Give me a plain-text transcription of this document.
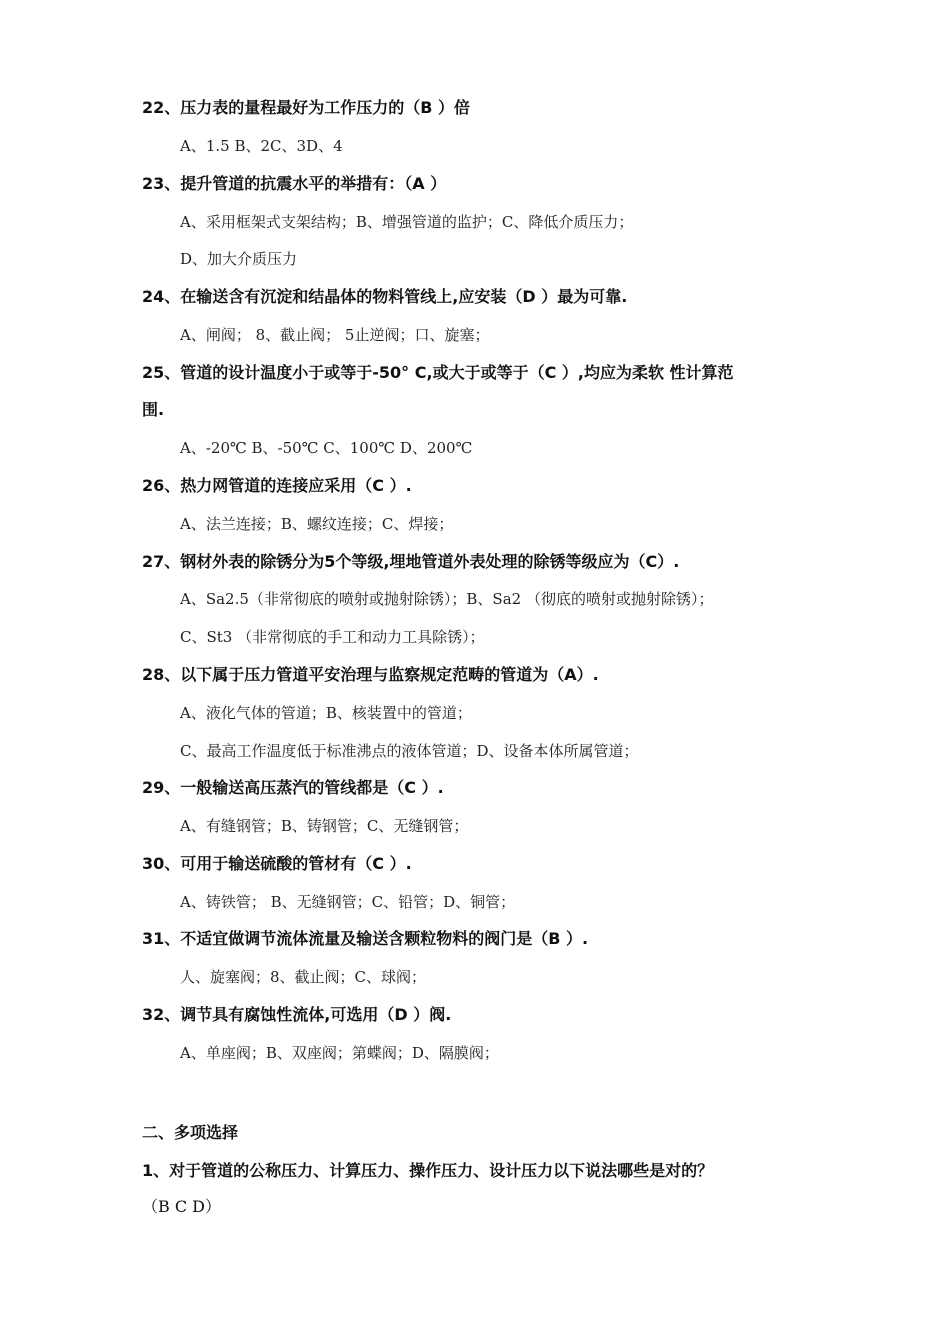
22、压力表的量程最好为工作压力的（B ）倍
A、1.5 B、2C、3D、4
23、提升管道的抗震水平的举措有：（A ）
A、采用框架式支架结构；B、增强管道的监护；C、降低介质压力；
D、加大介质压力
24、在输送含有沉淀和结晶体的物料管线上,应安装（D ）最为可靠.
A、闸阀； 8、截止阀； 5止逆阀；口、旋塞；
25、管道的设计温度小于或等于-50° C,或大于或等于（C ）,均应为柔软 性计算范
围.
A、-20℃ B、-50℃ C、100℃ D、200℃
26、热力网管道的连接应采用（C ）.
A、法兰连接；B、螺纹连接；C、焊接；
27、钢材外表的除锈分为5个等级,埋地管道外表处理的除锈等级应为（C）.
A、Sa2.5（非常彻底的喷射或抛射除锈）；B、Sa2 （彻底的喷射或抛射除锈）；
C、St3 （非常彻底的手工和动力工具除锈）；
28、以下属于压力管道平安治理与监察规定范畴的管道为（A）.
A、液化气体的管道；B、核装置中的管道；
C、最高工作温度低于标准沸点的液体管道；D、设备本体所属管道；
29、一般输送高压蒸汽的管线都是（C ）.
A、有缝钢管；B、铸钢管；C、无缝钢管；
30、可用于输送硫酸的管材有（C ）.
A、铸铁管； B、无缝钢管；C、铅管；D、铜管；
31、不适宜做调节流体流量及输送含颗粒物料的阀门是（B ）.
人、旋塞阀；8、截止阀；C、球阀；
32、调节具有腐蚀性流体,可选用（D ）阀.
A、单座阀；B、双座阀；第蝶阀；D、隔膜阀；
二、多项选择
1、对于管道的公称压力、计算压力、操作压力、设计压力以下说法哪些是对的？
（B C D）
